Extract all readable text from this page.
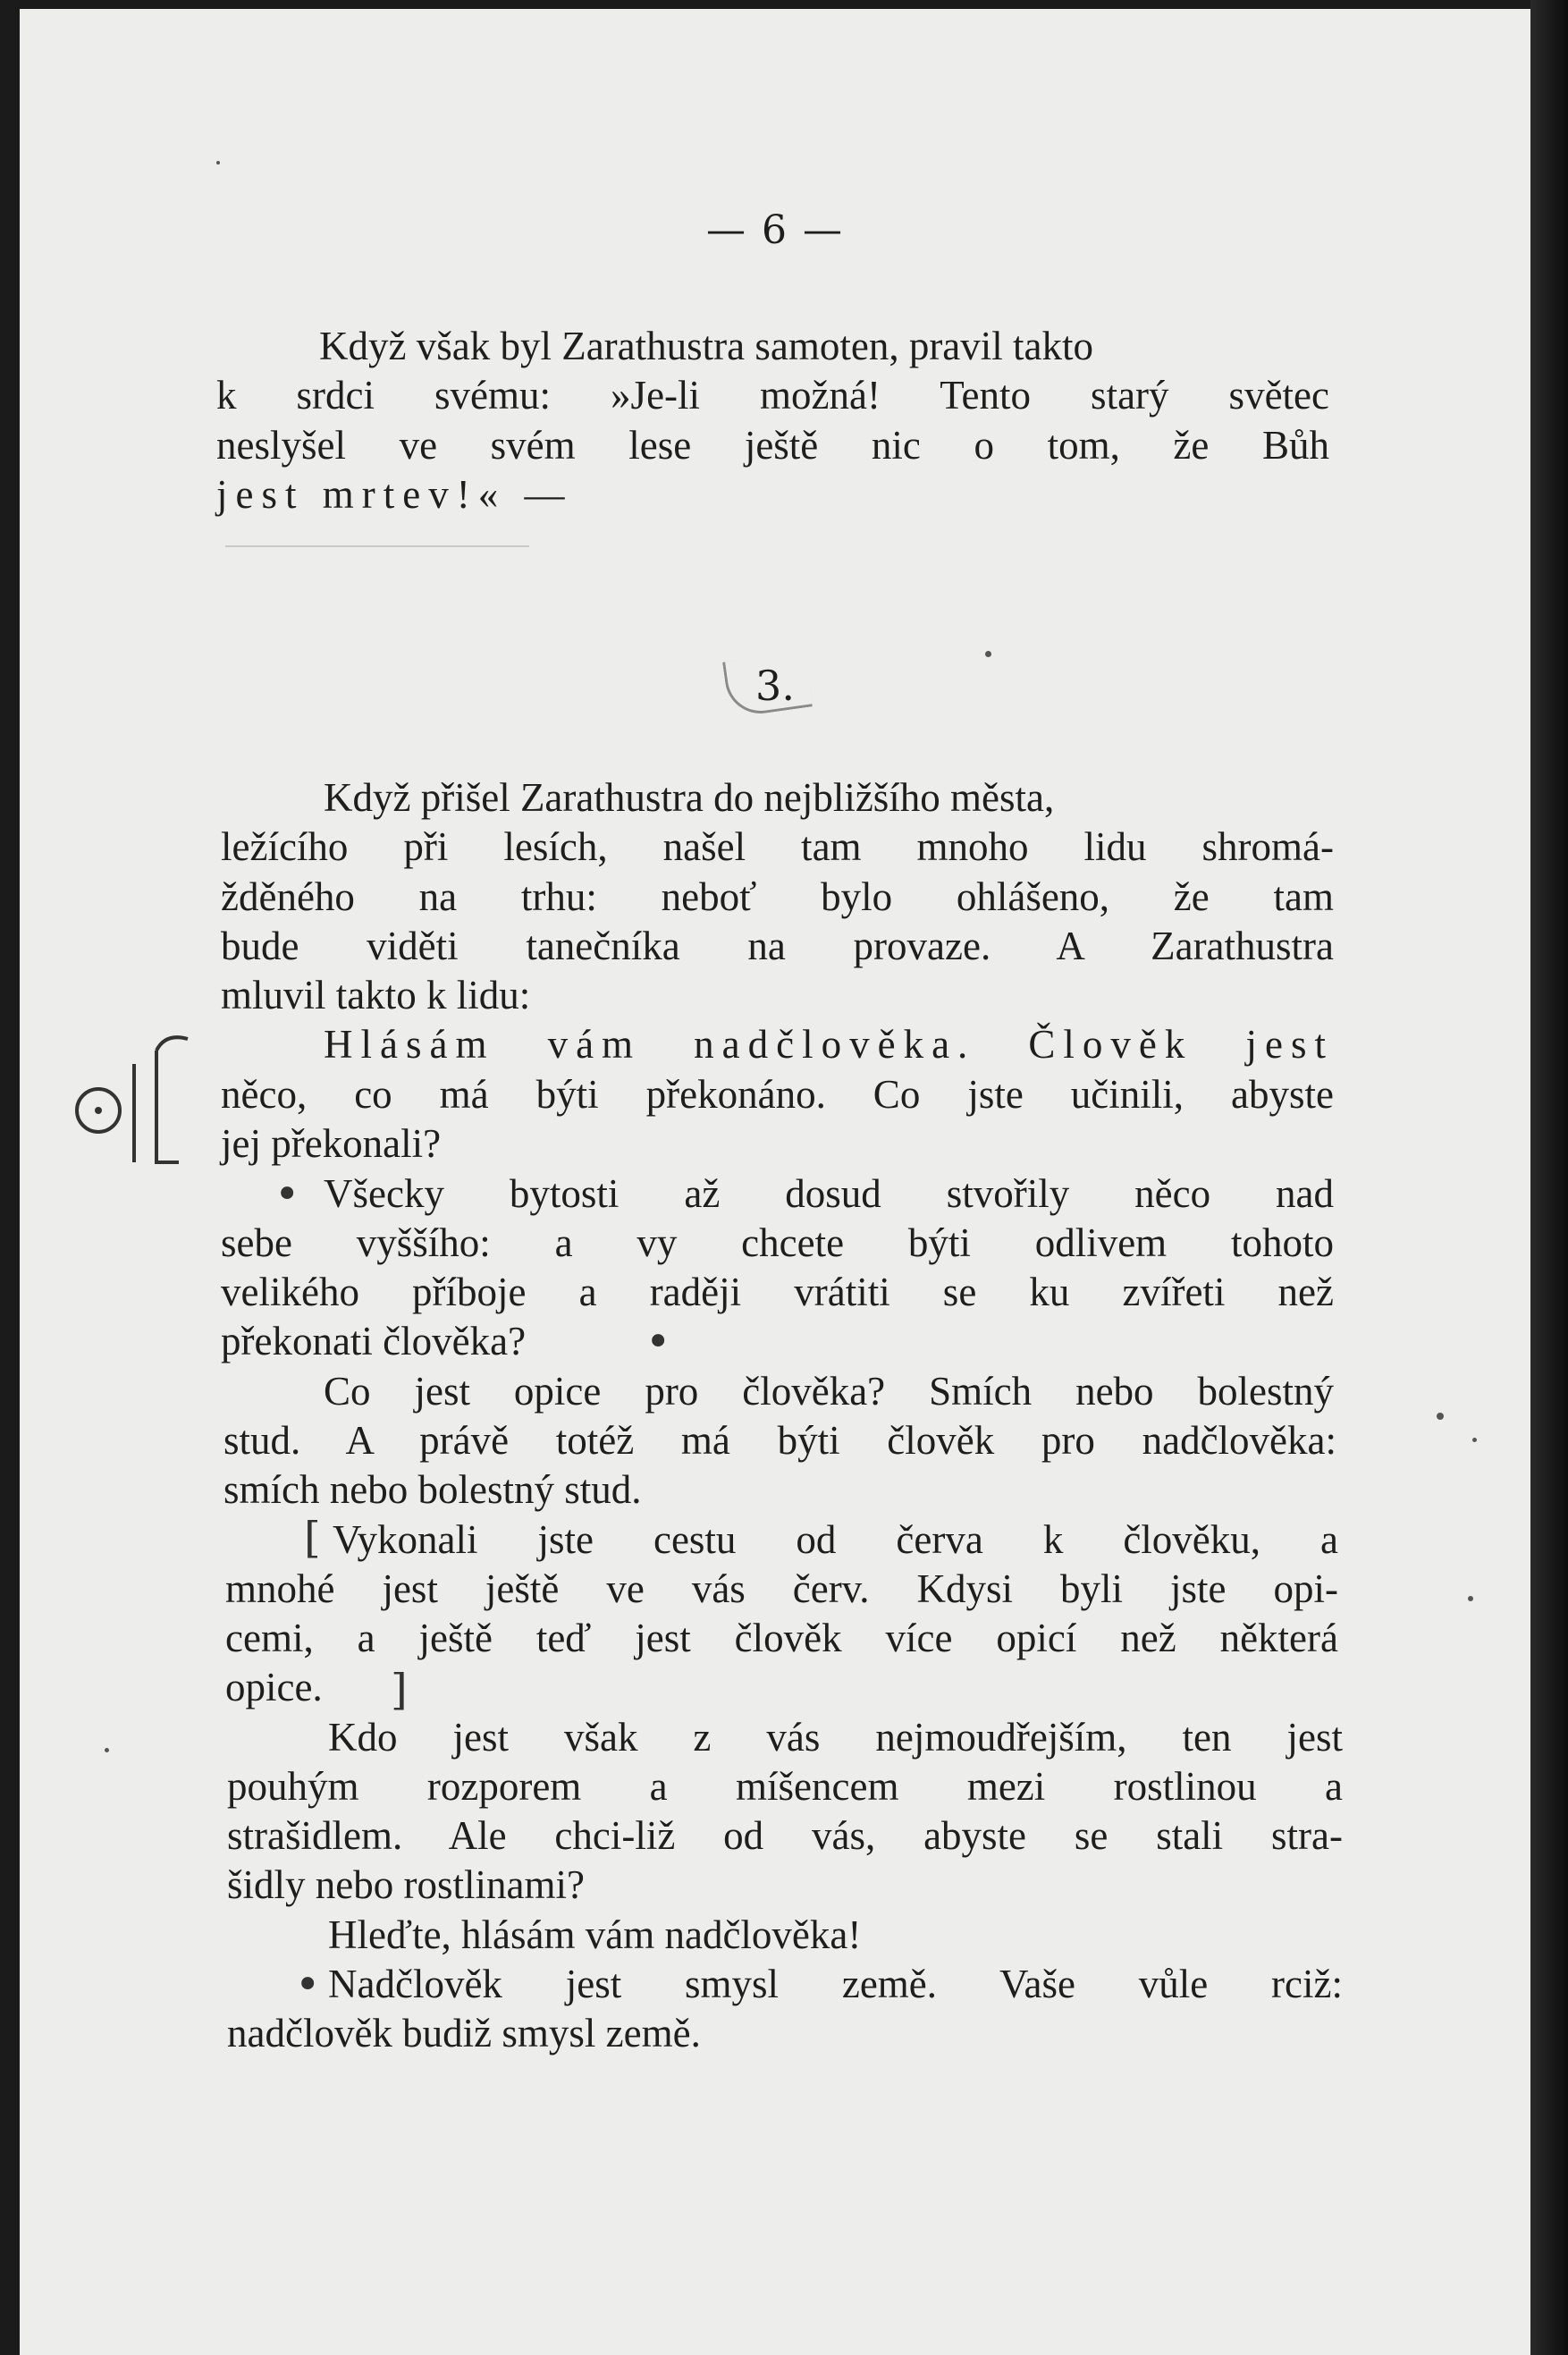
— 6 —
Když však byl Zarathustra samoten, pravil takto
k srdci svému: »Je-li možná! Tento starý světec
neslyšel ve svém lese ještě nic o tom, že Bůh
jest mrtev!« —
3.
Když přišel Zarathustra do nejbližšího města,
ležícího při lesích, našel tam mnoho lidu shromá-
žděného na trhu: neboť bylo ohlášeno, že tam
bude viděti tanečníka na provaze. A Zarathustra
mluvil takto k lidu:
Hlásám vám nadčlověka. Člověk jest
něco, co má býti překonáno. Co jste učinili, abyste
jej překonali?
• Všecky bytosti až dosud stvořily něco nad
sebe vyššího: a vy chcete býti odlivem tohoto
velikého příboje a raději vrátiti se ku zvířeti než
překonati člověka?	•
Co jest opice pro člověka? Smích nebo bolestný
stud. A právě totéž má býti člověk pro nadčlověka:
smích nebo bolestný stud.
[ Vykonali jste cestu od červa k člověku, a
mnohé jest ještě ve vás červ. Kdysi byli jste opi-
cemi, a ještě teď jest člověk více opicí než některá
opice. ]
Kdo jest však z vás nejmoudřejším, ten jest
pouhým rozporem a míšencem mezi rostlinou a
strašidlem. Ale chci-liž od vás, abyste se stali stra-
šidly nebo rostlinami?
Hleďte, hlásám vám nadčlověka!
• Nadčlověk jest smysl země. Vaše vůle rciž:
nadčlověk budiž smysl země.
